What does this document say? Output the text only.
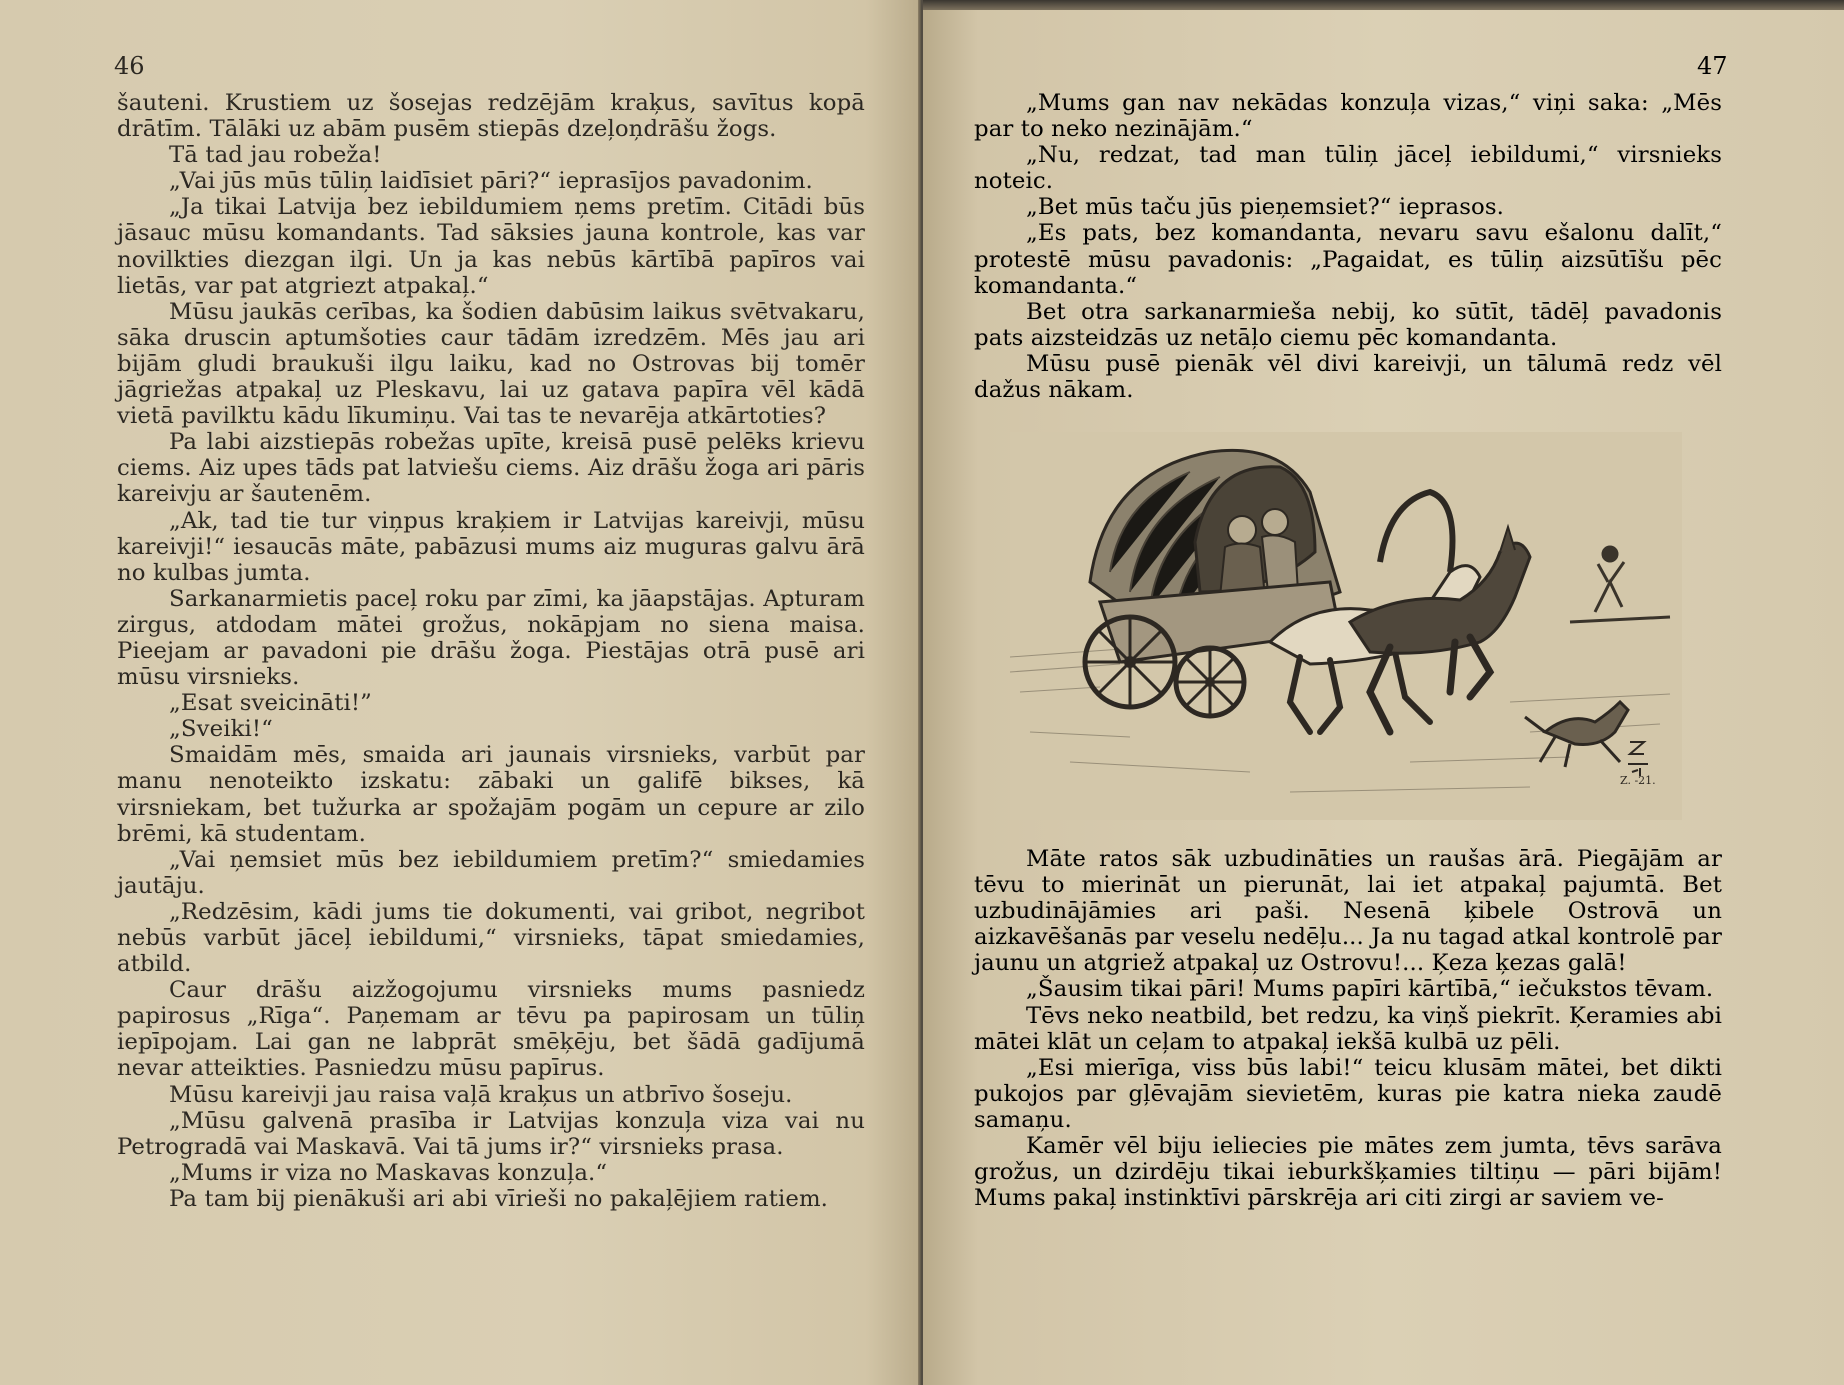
46

šauteni. Krustiem uz šosejas redzējām kraķus, savītus kopā drātīm. Tālāki uz abām pusēm stiepās dzeļoņdrāšu žogs.

Tā tad jau robeža!

„Vai jūs mūs tūliņ laidīsiet pāri?“ ieprasījos pavadonim.

„Ja tikai Latvija bez iebildumiem ņems pretīm. Citādi būs jāsauc mūsu komandants. Tad sāksies jauna kontrole, kas var novilkties diezgan ilgi. Un ja kas nebūs kārtībā papīros vai lietās, var pat atgriezt atpakaļ.“

Mūsu jaukās cerības, ka šodien dabūsim laikus svētvakaru, sāka druscin aptumšoties caur tādām izredzēm. Mēs jau ari bijām gludi braukuši ilgu laiku, kad no Ostrovas bij tomēr jāgriežas atpakaļ uz Pleskavu, lai uz gatava papīra vēl kādā vietā pavilktu kādu līkumiņu. Vai tas te nevarēja atkārtoties?

Pa labi aizstiepās robežas upīte, kreisā pusē pelēks krievu ciems. Aiz upes tāds pat latviešu ciems. Aiz drāšu žoga ari pāris kareivju ar šautenēm.

„Ak, tad tie tur viņpus kraķiem ir Latvijas kareivji, mūsu kareivji!“ iesaucās māte, pabāzusi mums aiz muguras galvu ārā no kulbas jumta.

Sarkanarmietis paceļ roku par zīmi, ka jāapstājas. Apturam zirgus, atdodam mātei grožus, nokāpjam no siena maisa. Pieejam ar pavadoni pie drāšu žoga. Piestājas otrā pusē ari mūsu virsnieks.

„Esat sveicināti!”

„Sveiki!“

Smaidām mēs, smaida ari jaunais virsnieks, varbūt par manu nenoteikto izskatu: zābaki un galifē bikses, kā virsniekam, bet tužurka ar spožajām pogām un cepure ar zilo brēmi, kā studentam.

„Vai ņemsiet mūs bez iebildumiem pretīm?“ smiedamies jautāju.

„Redzēsim, kādi jums tie dokumenti, vai gribot, negribot nebūs varbūt jāceļ iebildumi,“ virsnieks, tāpat smiedamies, atbild.

Caur drāšu aizžogojumu virsnieks mums pasniedz papirosus „Rīga“. Paņemam ar tēvu pa papirosam un tūliņ iepīpojam. Lai gan ne labprāt smēķēju, bet šādā gadījumā nevar atteikties. Pasniedzu mūsu papīrus.

Mūsu kareivji jau raisa vaļā kraķus un atbrīvo šoseju.

„Mūsu galvenā prasība ir Latvijas konzuļa viza vai nu Petrogradā vai Maskavā. Vai tā jums ir?“ virsnieks prasa.

„Mums ir viza no Maskavas konzuļa.“

Pa tam bij pienākuši ari abi vīrieši no pakaļējiem ratiem.

47

„Mums gan nav nekādas konzuļa vizas,“ viņi saka: „Mēs par to neko nezinājām.“

„Nu, redzat, tad man tūliņ jāceļ iebildumi,“ virsnieks noteic.

„Bet mūs taču jūs pieņemsiet?“ ieprasos.

„Es pats, bez komandanta, nevaru savu ešalonu dalīt,“ protestē mūsu pavadonis: „Pagaidat, es tūliņ aizsūtīšu pēc komandanta.“

Bet otra sarkanarmieša nebij, ko sūtīt, tādēļ pavadonis pats aizsteidzās uz netāļo ciemu pēc komandanta.

Mūsu pusē pienāk vēl divi kareivji, un tālumā redz vēl dažus nākam.

Z. -21.

Māte ratos sāk uzbudināties un raušas ārā. Piegājām ar tēvu to mierināt un pierunāt, lai iet atpakaļ pajumtā. Bet uzbudinājāmies ari paši. Nesenā ķibele Ostrovā un aizkavēšanās par veselu nedēļu... Ja nu tagad atkal kontrolē par jaunu un atgriež atpakaļ uz Ostrovu!... Ķeza ķezas galā!

„Šausim tikai pāri! Mums papīri kārtībā,“ iečukstos tēvam.

Tēvs neko neatbild, bet redzu, ka viņš piekrīt. Ķeramies abi mātei klāt un ceļam to atpakaļ iekšā kulbā uz pēli.

„Esi mierīga, viss būs labi!“ teicu klusām mātei, bet dikti pukojos par gļēvajām sievietēm, kuras pie katra nieka zaudē samaņu.

Kamēr vēl biju ieliecies pie mātes zem jumta, tēvs sarāva grožus, un dzirdēju tikai ieburkšķamies tiltiņu — pāri bijām! Mums pakaļ instinktīvi pārskrēja ari citi zirgi ar saviem ve-
